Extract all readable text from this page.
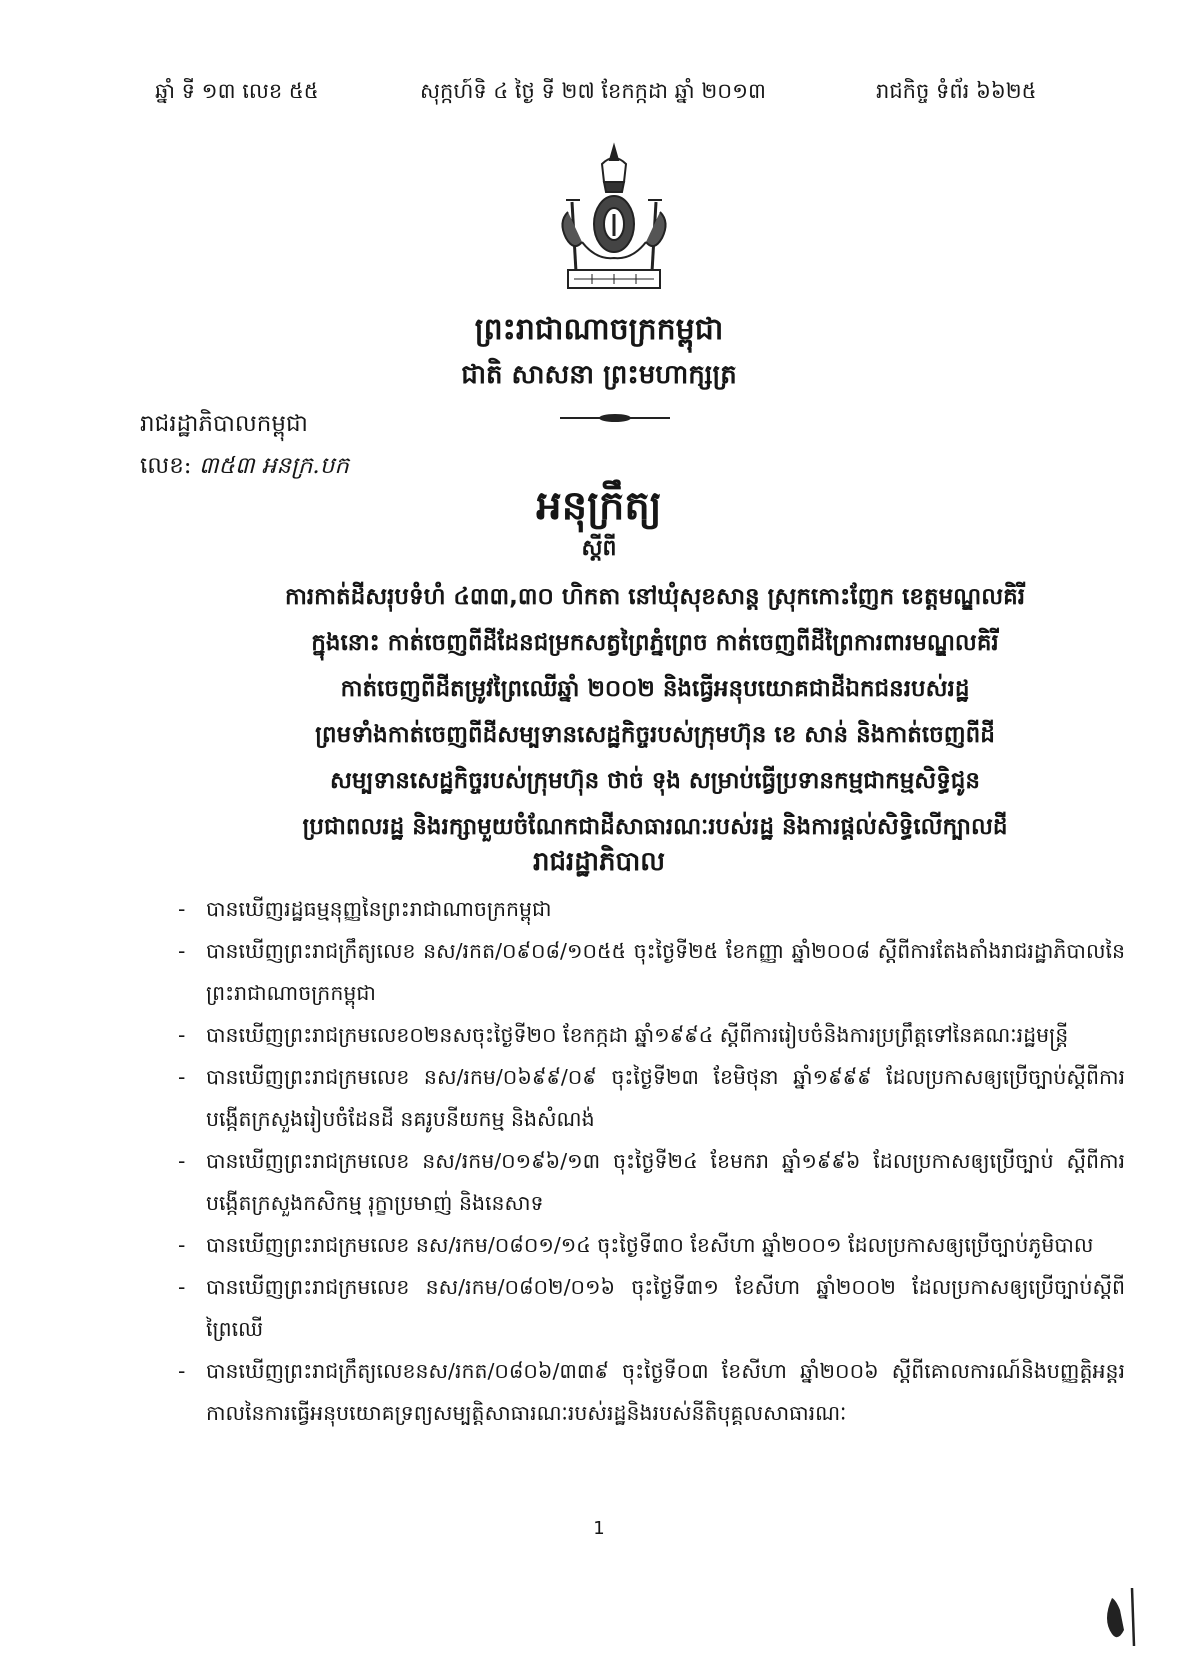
ឆ្នាំ ទី ១៣ លេខ ៥៥	សុក្កហ៍ទិ ៤ ថ្ងៃ ទី ២៧ ខែកក្កដា ឆ្នាំ ២០១៣	រាជកិច្ច ទំព័រ ៦៦២៥
ព្រះរាជាណាចក្រកម្ពុជា
ជាតិ សាសនា ព្រះមហាក្សត្រ
រាជរដ្ឋាភិបាលកម្ពុជា
លេខ: ៣៥៣ អនក្រ.បក
អនុក្រឹត្យ
ស្តីពី
ការកាត់ដីសរុបទំហំ ៤៣៣,៣០ ហិកតា នៅឃុំសុខសាន្ត ស្រុកកោះញែក ខេត្តមណ្ឌលគិរី
ក្នុងនោះ កាត់ចេញពីដីដែនជម្រកសត្វព្រៃភ្នំព្រេច កាត់ចេញពីដីព្រៃការពារមណ្ឌលគិរី
កាត់ចេញពីដីតម្រូវព្រៃឈើឆ្នាំ ២០០២ និងធ្វើអនុបយោគជាដីឯកជនរបស់រដ្ឋ
ព្រមទាំងកាត់ចេញពីដីសម្បទានសេដ្ឋកិច្ចរបស់ក្រុមហ៊ុន ខេ សាន់ និងកាត់ចេញពីដី
សម្បទានសេដ្ឋកិច្ចរបស់ក្រុមហ៊ុន ថាច់ ទុង សម្រាប់ធ្វើប្រទានកម្មជាកម្មសិទ្ធិជូន
ប្រជាពលរដ្ឋ និងរក្សាមួយចំណែកជាដីសាធារណៈរបស់រដ្ឋ និងការផ្តល់សិទ្ធិលើក្បាលដី
រាជរដ្ឋាភិបាល
- បានឃើញរដ្ឋធម្មនុញ្ញនៃព្រះរាជាណាចក្រកម្ពុជា
- បានឃើញព្រះរាជក្រឹត្យលេខ នស/រកត/០៩០៨/១០៥៥ ចុះថ្ងៃទី២៥ ខែកញ្ញា ឆ្នាំ២០០៨ ស្តីពីការតែងតាំងរាជរដ្ឋាភិបាលនៃព្រះរាជាណាចក្រកម្ពុជា
- បានឃើញព្រះរាជក្រមលេខ០២នសចុះថ្ងៃទី២០ ខែកក្កដា ឆ្នាំ១៩៩៤ ស្តីពីការរៀបចំនិងការប្រព្រឹត្តទៅនៃគណៈរដ្ឋមន្ត្រី
- បានឃើញព្រះរាជក្រមលេខ នស/រកម/០៦៩៩/០៩ ចុះថ្ងៃទី២៣ ខែមិថុនា ឆ្នាំ១៩៩៩ ដែលប្រកាសឲ្យប្រើច្បាប់ស្តីពីការបង្កើតក្រសួងរៀបចំដែនដី នគរូបនីយកម្ម និងសំណង់
- បានឃើញព្រះរាជក្រមលេខ នស/រកម/០១៩៦/១៣ ចុះថ្ងៃទី២៤ ខែមករា ឆ្នាំ១៩៩៦ ដែលប្រកាសឲ្យប្រើច្បាប់ ស្តីពីការបង្កើតក្រសួងកសិកម្ម រុក្ខាប្រមាញ់ និងនេសាទ
- បានឃើញព្រះរាជក្រមលេខ នស/រកម/០៨០១/១៤ ចុះថ្ងៃទី៣០ ខែសីហា ឆ្នាំ២០០១ ដែលប្រកាសឲ្យប្រើច្បាប់ភូមិបាល
- បានឃើញព្រះរាជក្រមលេខ នស/រកម/០៨០២/០១៦ ចុះថ្ងៃទី៣១ ខែសីហា ឆ្នាំ២០០២ ដែលប្រកាសឲ្យប្រើច្បាប់ស្តីពីព្រៃឈើ
- បានឃើញព្រះរាជក្រឹត្យលេខនស/រកត/០៨០៦/៣៣៩ ចុះថ្ងៃទី០៣ ខែសីហា ឆ្នាំ២០០៦ ស្តីពីគោលការណ៍និងបញ្ញត្តិអន្តរកាលនៃការធ្វើអនុបយោគទ្រព្យសម្បត្តិសាធារណៈរបស់រដ្ឋនិងរបស់នីតិបុគ្គលសាធារណៈ
1
